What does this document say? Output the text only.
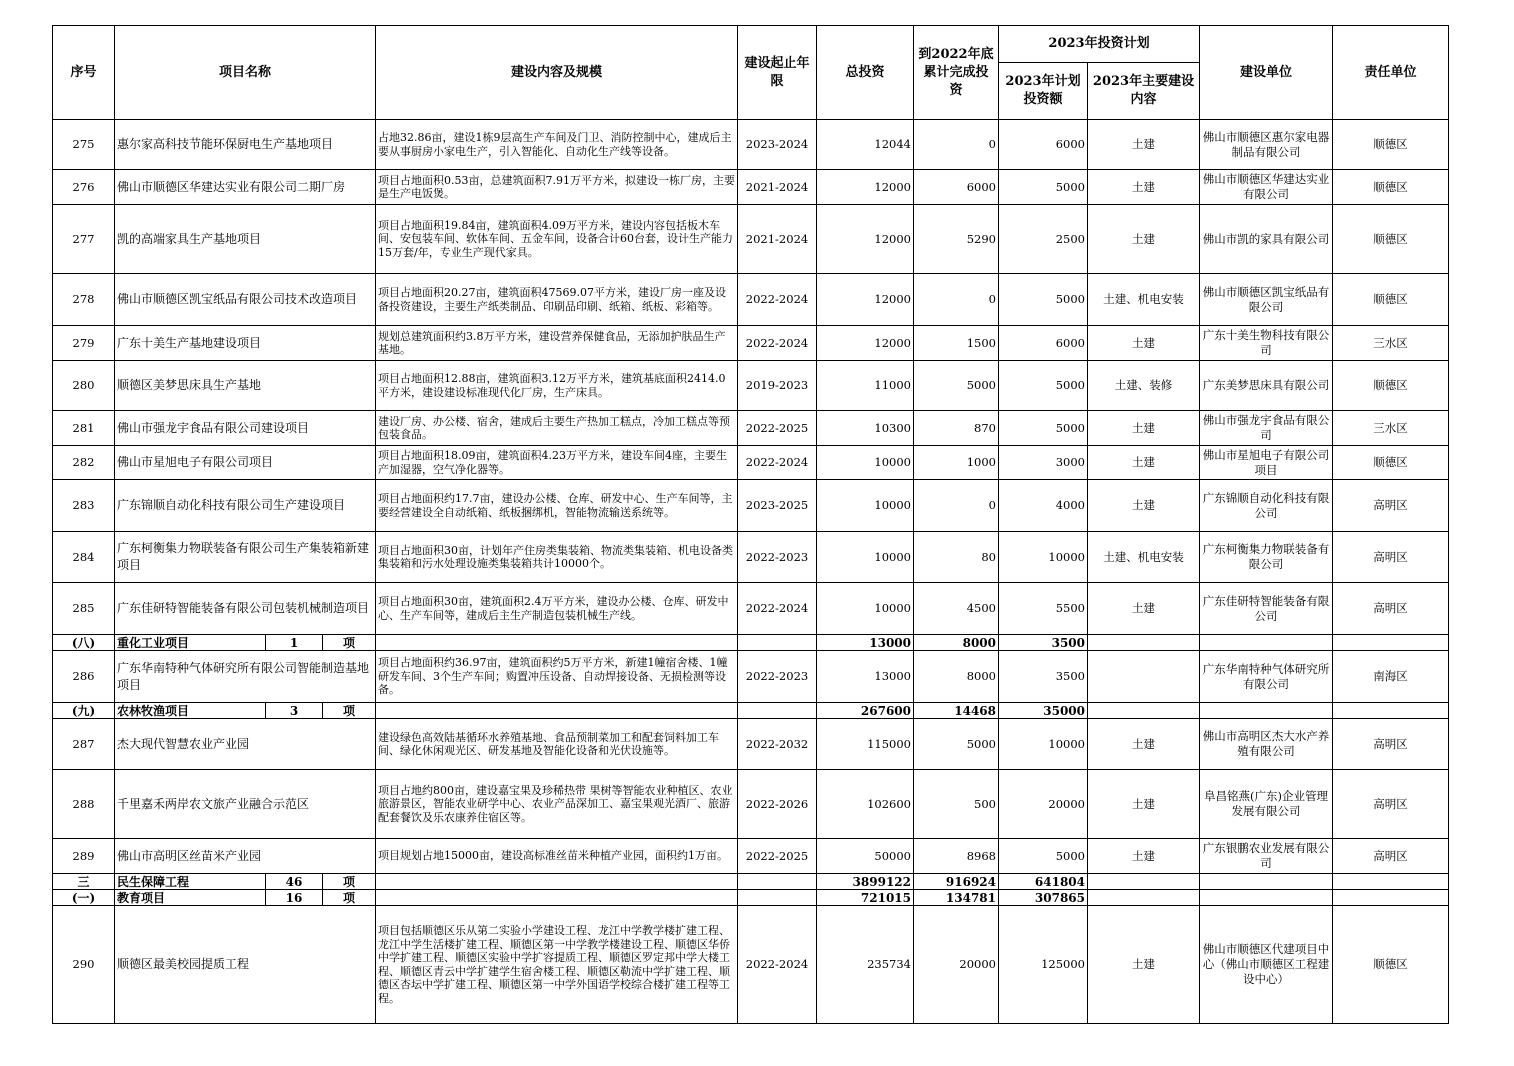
序号	项目名称			建设内容及规模	建设起止年限	总投资	到2022年底累计完成投资	2023年投资计划		建设单位	责任单位
								2023年计划投资额	2023年主要建设内容		
275	惠尔家高科技节能环保厨电生产基地项目			占地32.86亩，建设1栋9层高生产车间及门卫、消防控制中心，建成后主要从事厨房小家电生产，引入智能化、自动化生产线等设备。	2023-2024	12044	0	6000	土建	佛山市顺德区惠尔家电器制品有限公司	顺德区
276	佛山市顺德区华建达实业有限公司二期厂房			项目占地面积0.53亩，总建筑面积7.91万平方米，拟建设一栋厂房，主要是生产电饭煲。	2021-2024	12000	6000	5000	土建	佛山市顺德区华建达实业有限公司	顺德区
277	凯的高端家具生产基地项目			项目占地面积19.84亩，建筑面积4.09万平方米，建设内容包括板木车间、安包装车间、软体车间、五金车间，设备合计60台套，设计生产能力15万套/年，专业生产现代家具。	2021-2024	12000	5290	2500	土建	佛山市凯的家具有限公司	顺德区
278	佛山市顺德区凯宝纸品有限公司技术改造项目			项目占地面积20.27亩，建筑面积47569.07平方米，建设厂房一座及设备投资建设，主要生产纸类制品、印刷品印刷、纸箱、纸板、彩箱等。	2022-2024	12000	0	5000	土建、机电安装	佛山市顺德区凯宝纸品有限公司	顺德区
279	广东十美生产基地建设项目			规划总建筑面积约3.8万平方米，建设营养保健食品，无添加护肤品生产基地。	2022-2024	12000	1500	6000	土建	广东十美生物科技有限公司	三水区
280	顺德区美梦思床具生产基地			项目占地面积12.88亩，建筑面积3.12万平方米，建筑基底面积2414.0平方米，建设建设标准现代化厂房，生产床具。	2019-2023	11000	5000	5000	土建、装修	广东美梦思床具有限公司	顺德区
281	佛山市强龙宇食品有限公司建设项目			建设厂房、办公楼、宿舍，建成后主要生产热加工糕点，冷加工糕点等预包装食品。	2022-2025	10300	870	5000	土建	佛山市强龙宇食品有限公司	三水区
282	佛山市星旭电子有限公司项目			项目占地面积18.09亩，建筑面积4.23万平方米，建设车间4座，主要生产加湿器，空气净化器等。	2022-2024	10000	1000	3000	土建	佛山市星旭电子有限公司项目	顺德区
283	广东锦顺自动化科技有限公司生产建设项目			项目占地面积约17.7亩，建设办公楼、仓库、研发中心、生产车间等，主要经营建设全自动纸箱、纸板捆绑机，智能物流输送系统等。	2023-2025	10000	0	4000	土建	广东锦顺自动化科技有限公司	高明区
284	广东柯衡集力物联装备有限公司生产集装箱新建项目			项目占地面积30亩，计划年产住房类集装箱、物流类集装箱、机电设备类集装箱和污水处理设施类集装箱共计10000个。	2022-2023	10000	80	10000	土建、机电安装	广东柯衡集力物联装备有限公司	高明区
285	广东佳研特智能装备有限公司包装机械制造项目			项目占地面积30亩，建筑面积2.4万平方米，建设办公楼、仓库、研发中心、生产车间等，建成后主生产制造包装机械生产线。	2022-2024	10000	4500	5500	土建	广东佳研特智能装备有限公司	高明区
(八)	重化工业项目	1	项			13000	8000	3500			
286	广东华南特种气体研究所有限公司智能制造基地项目			项目占地面积约36.97亩，建筑面积约5万平方米，新建1幢宿舍楼、1幢研发车间、3个生产车间；购置冲压设备、自动焊接设备、无损检测等设备。	2022-2023	13000	8000	3500		广东华南特种气体研究所有限公司	南海区
(九)	农林牧渔项目	3	项			267600	14468	35000			
287	杰大现代智慧农业产业园			建设绿色高效陆基循环水养殖基地、食品预制菜加工和配套饲料加工车间、绿化休闲观光区、研发基地及智能化设备和光伏设施等。	2022-2032	115000	5000	10000	土建	佛山市高明区杰大水产养殖有限公司	高明区
288	千里嘉禾两岸农文旅产业融合示范区			项目占地约800亩，建设嘉宝果及珍稀热带 果树等智能农业种植区、农业旅游景区，智能农业研学中心、农业产品深加工、嘉宝果观光酒厂、旅游配套餐饮及乐农康养住宿区等。	2022-2026	102600	500	20000	土建	阜昌铭燕(广东)企业管理发展有限公司	高明区
289	佛山市高明区丝苗米产业园			项目规划占地15000亩，建设高标准丝苗米种植产业园，面积约1万亩。	2022-2025	50000	8968	5000	土建	广东银鹏农业发展有限公司	高明区
三	民生保障工程	46	项			3899122	916924	641804			
(一)	教育项目	16	项			721015	134781	307865			
290	顺德区最美校园提质工程			项目包括顺德区乐从第二实验小学建设工程、龙江中学教学楼扩建工程、龙江中学生活楼扩建工程、顺德区第一中学教学楼建设工程、顺德区华侨中学扩建工程、顺德区实验中学扩容提质工程、顺德区罗定邦中学大楼工程、顺德区青云中学扩建学生宿舍楼工程、顺德区勒流中学扩建工程、顺德区杏坛中学扩建工程、顺德区第一中学外国语学校综合楼扩建工程等工程。	2022-2024	235734	20000	125000	土建	佛山市顺德区代建项目中心（佛山市顺德区工程建设中心）	顺德区
